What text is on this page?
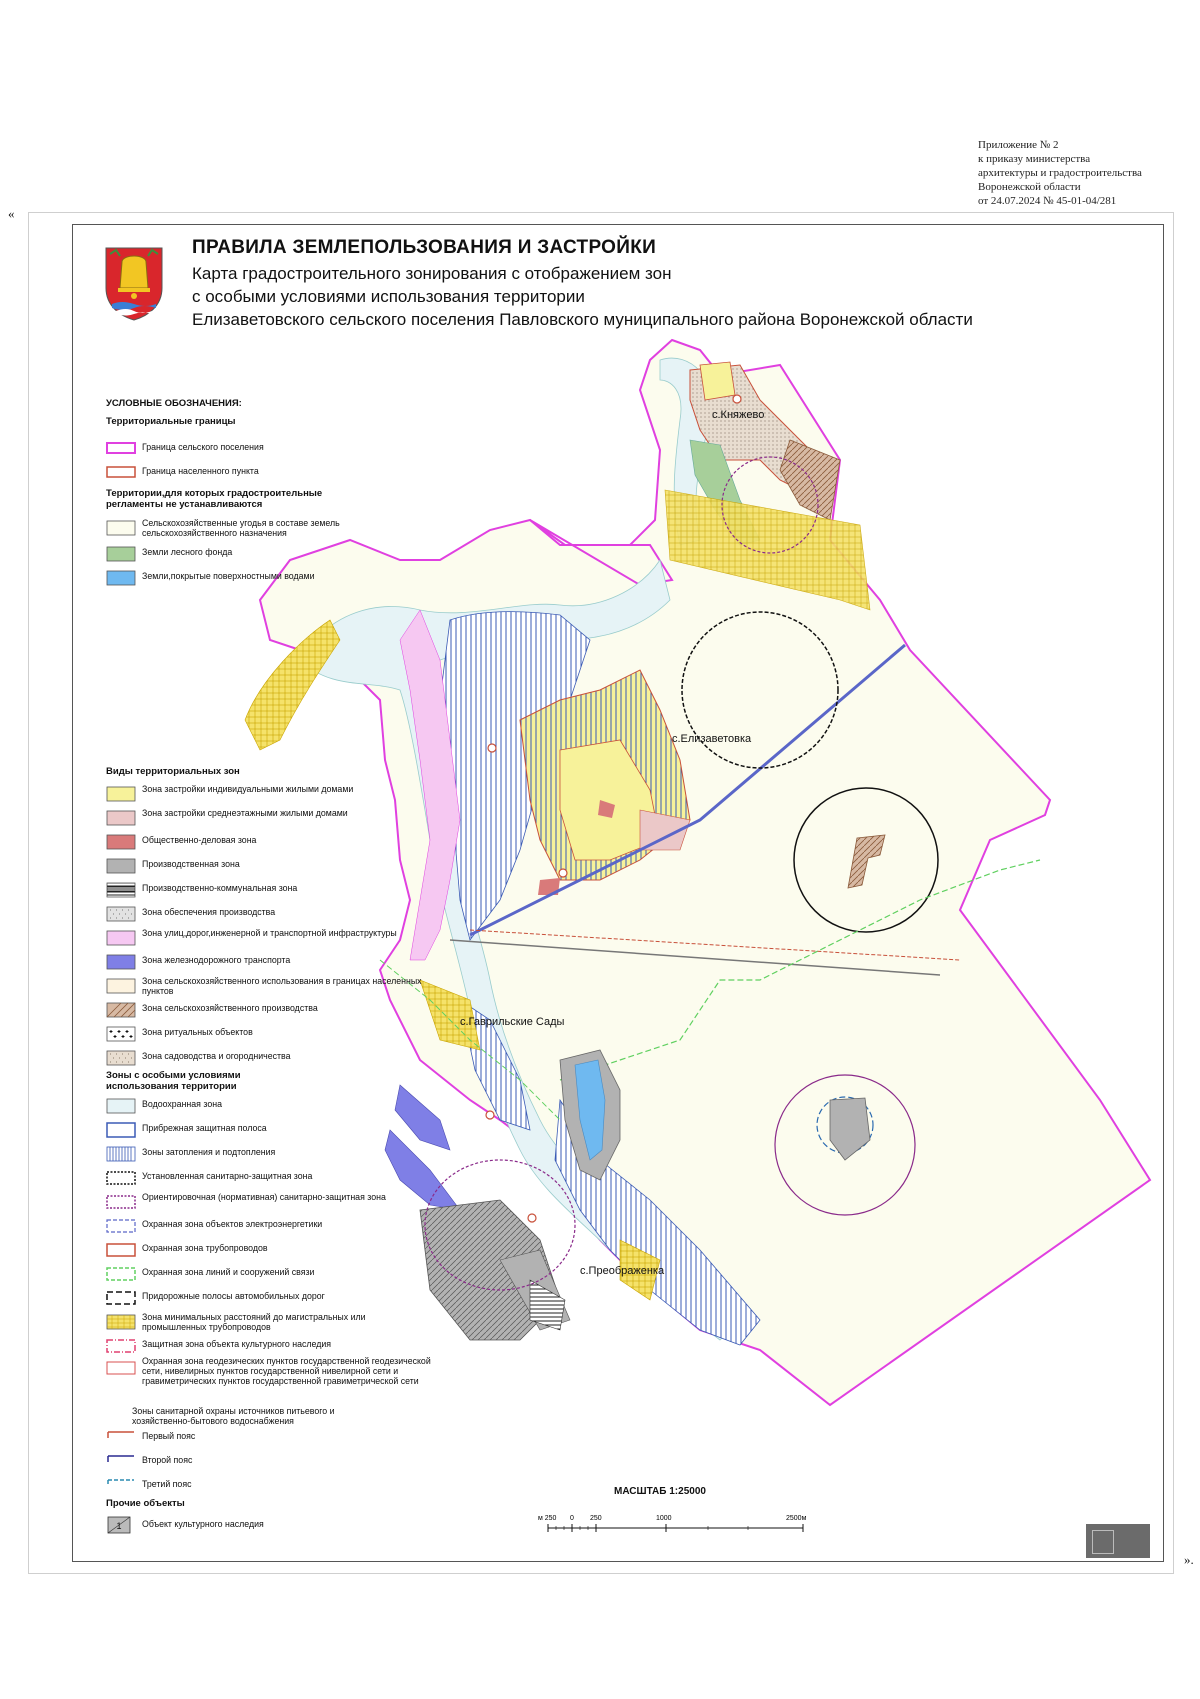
«
».
Приложение № 2
к приказу министерства
архитектуры и градостроительства
Воронежской области
от 24.07.2024 № 45-01-04/281
ПРАВИЛА ЗЕМЛЕПОЛЬЗОВАНИЯ И ЗАСТРОЙКИ
Карта градостроительного зонирования с отображением зон
с особыми условиями использования территории
Елизаветовского сельского поселения Павловского муниципального района Воронежской области
с.Княжево
с.Елизаветовка
с.Гаврильские Сады
с.Преображенка
УСЛОВНЫЕ ОБОЗНАЧЕНИЯ:
Территориальные границы
Граница сельского поселения
Граница населенного пункта
Территории,для которых градостроительные регламенты не устанавливаются
Сельскохозяйственные угодья в составе земель сельскохозяйственного назначения
Земли лесного фонда
Земли,покрытые поверхностными водами
Виды территориальных зон
Зона застройки индивидуальными жилыми домами
Зона застройки среднеэтажными жилыми домами
Общественно-деловая зона
Производственная зона
Производственно-коммунальная зона
Зона обеспечения производства
Зона улиц,дорог,инженерной и транспортной инфраструктуры
Зона железнодорожного транспорта
Зона сельскохозяйственного использования в границах населенных пунктов
Зона сельскохозяйственного производства
Зона ритуальных объектов
Зона садоводства и огородничества
Зоны с особыми условиями использования территории
Водоохранная зона
Прибрежная защитная полоса
Зоны затопления и подтопления
Установленная санитарно-защитная зона
Ориентировочная (нормативная) санитарно-защитная зона
Охранная зона объектов электроэнергетики
Охранная зона трубопроводов
Охранная зона линий и сооружений связи
Придорожные полосы автомобильных дорог
Зона минимальных расстояний до магистральных или промышленных трубопроводов
Защитная зона объекта культурного наследия
Охранная зона геодезических пунктов государственной геодезической сети, нивелирных пунктов государственной нивелирной сети и гравиметрических пунктов государственной гравиметрической сети
Зоны санитарной охраны источников питьевого и хозяйственно-бытового водоснабжения
Первый пояс
Второй пояс
Третий пояс
Прочие объекты
1 Объект культурного наследия
МАСШТАБ 1:25000
м 250 0 250	1000	2500м
